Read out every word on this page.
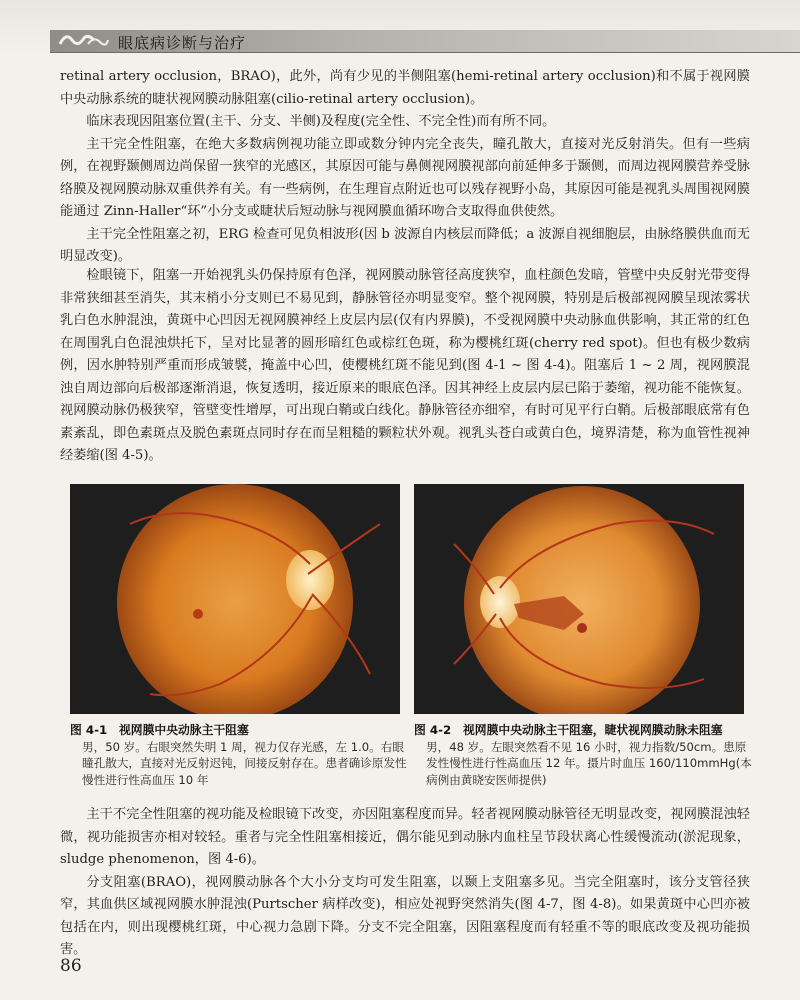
眼底病诊断与治疗

retinal artery occlusion，BRAO)，此外，尚有少见的半侧阻塞(hemi-retinal artery occlusion)和不属于视网膜中央动脉系统的睫状视网膜动脉阻塞(cilio-retinal artery occlusion)。

临床表现因阻塞位置(主干、分支、半侧)及程度(完全性、不完全性)而有所不同。

主干完全性阻塞，在绝大多数病例视功能立即或数分钟内完全丧失，瞳孔散大，直接对光反射消失。但有一些病例，在视野颞侧周边尚保留一狭窄的光感区，其原因可能与鼻侧视网膜视部向前延伸多于颞侧，而周边视网膜营养受脉络膜及视网膜动脉双重供养有关。有一些病例，在生理盲点附近也可以残存视野小岛，其原因可能是视乳头周围视网膜能通过 Zinn-Haller“环”小分支或睫状后短动脉与视网膜血循环吻合支取得血供使然。

主干完全性阻塞之初，ERG 检查可见负相波形(因 b 波源自内核层而降低；a 波源自视细胞层，由脉络膜供血而无明显改变)。

检眼镜下，阻塞一开始视乳头仍保持原有色泽，视网膜动脉管径高度狭窄，血柱颜色发暗，管壁中央反射光带变得非常狭细甚至消失，其末梢小分支则已不易见到，静脉管径亦明显变窄。整个视网膜，特别是后极部视网膜呈现浓雾状乳白色水肿混浊，黄斑中心凹因无视网膜神经上皮层内层(仅有内界膜)，不受视网膜中央动脉血供影响，其正常的红色在周围乳白色混浊烘托下，呈对比显著的圆形暗红色或棕红色斑，称为樱桃红斑(cherry red spot)。但也有极少数病例，因水肿特别严重而形成皱襞，掩盖中心凹，使樱桃红斑不能见到(图 4-1 ~ 图 4-4)。阻塞后 1 ~ 2 周，视网膜混浊自周边部向后极部逐渐消退，恢复透明，接近原来的眼底色泽。因其神经上皮层内层已陷于萎缩，视功能不能恢复。视网膜动脉仍极狭窄，管壁变性增厚，可出现白鞘或白线化。静脉管径亦细窄，有时可见平行白鞘。后极部眼底常有色素紊乱，即色素斑点及脱色素斑点同时存在而呈粗糙的颗粒状外观。视乳头苍白或黄白色，境界清楚，称为血管性视神经萎缩(图 4-5)。

图 4-1　视网膜中央动脉主干阻塞
男，50 岁。右眼突然失明 1 周，视力仅存光感，左 1.0。右眼瞳孔散大，直接对光反射迟钝，间接反射存在。患者确诊原发性慢性进行性高血压 10 年
图 4-2　视网膜中央动脉主干阻塞，睫状视网膜动脉未阻塞
男，48 岁。左眼突然看不见 16 小时，视力指数/50cm。患原发性慢性进行性高血压 12 年。摄片时血压 160/110mmHg(本病例由黄晓安医师提供)

主干不完全性阻塞的视功能及检眼镜下改变，亦因阻塞程度而异。轻者视网膜动脉管径无明显改变，视网膜混浊轻微，视功能损害亦相对较轻。重者与完全性阻塞相接近，偶尔能见到动脉内血柱呈节段状离心性缓慢流动(淤泥现象，sludge phenomenon，图 4-6)。

分支阻塞(BRAO)，视网膜动脉各个大小分支均可发生阻塞，以颞上支阻塞多见。当完全阻塞时，该分支管径狭窄，其血供区域视网膜水肿混浊(Purtscher 病样改变)，相应处视野突然消失(图 4-7，图 4-8)。如果黄斑中心凹亦被包括在内，则出现樱桃红斑，中心视力急剧下降。分支不完全阻塞，因阻塞程度而有轻重不等的眼底改变及视功能损害。

86
